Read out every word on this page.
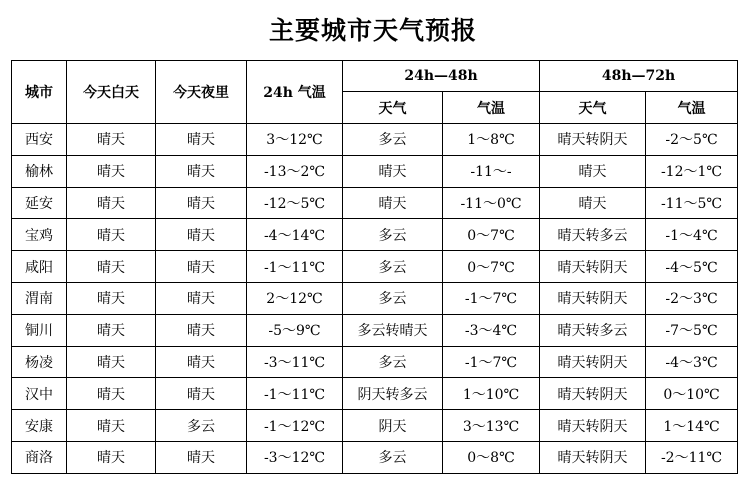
主要城市天气预报
城市	今天白天	今天夜里	24h 气温	24h—48h		48h—72h	
				天气	气温	天气	气温
西安	晴天	晴天	3～12℃	多云	1～8℃	晴天转阴天	-2～5℃
榆林	晴天	晴天	-13～2℃	晴天	-11～-	晴天	-12～1℃
延安	晴天	晴天	-12～5℃	晴天	-11～0℃	晴天	-11～5℃
宝鸡	晴天	晴天	-4～14℃	多云	0～7℃	晴天转多云	-1～4℃
咸阳	晴天	晴天	-1～11℃	多云	0～7℃	晴天转阴天	-4～5℃
渭南	晴天	晴天	2～12℃	多云	-1～7℃	晴天转阴天	-2～3℃
铜川	晴天	晴天	-5～9℃	多云转晴天	-3～4℃	晴天转多云	-7～5℃
杨凌	晴天	晴天	-3～11℃	多云	-1～7℃	晴天转阴天	-4～3℃
汉中	晴天	晴天	-1～11℃	阴天转多云	1～10℃	晴天转阴天	0～10℃
安康	晴天	多云	-1～12℃	阴天	3～13℃	晴天转阴天	1～14℃
商洛	晴天	晴天	-3～12℃	多云	0～8℃	晴天转阴天	-2～11℃
